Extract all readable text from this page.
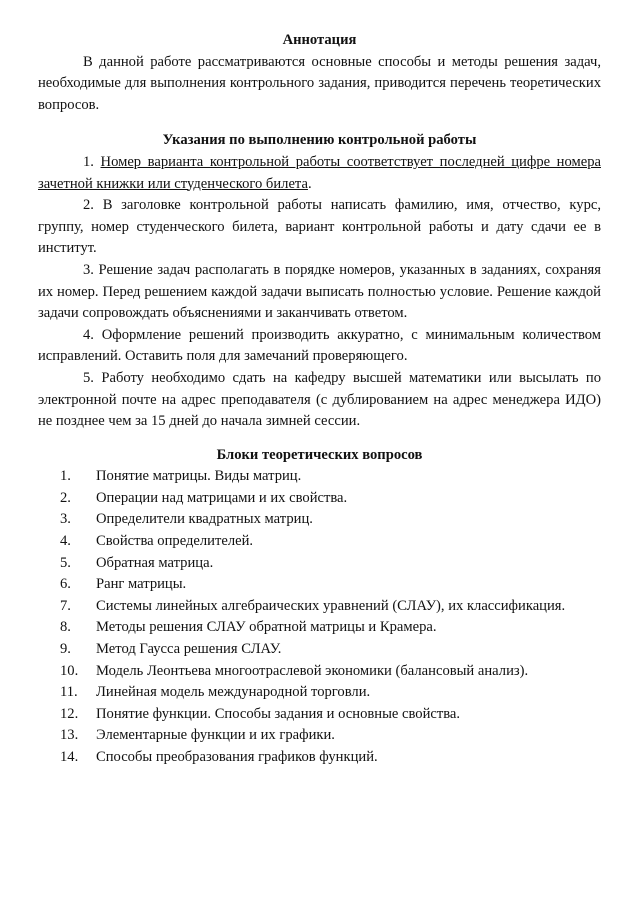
Аннотация

В данной работе рассматриваются основные способы и методы решения задач, необходимые для выполнения контрольного задания, приводится перечень теоретических вопросов.

Указания по выполнению контрольной работы

1. Номер варианта контрольной работы соответствует последней цифре номера зачетной книжки или студенческого билета.

2. В заголовке контрольной работы написать фамилию, имя, отчество, курс, группу, номер студенческого билета, вариант контрольной работы и дату сдачи ее в институт.

3. Решение задач располагать в порядке номеров, указанных в заданиях, сохраняя их номер. Перед решением каждой задачи выписать полностью условие. Решение каждой задачи сопровождать объяснениями и заканчивать ответом.

4. Оформление решений производить аккуратно, с минимальным количеством исправлений. Оставить поля для замечаний проверяющего.

5. Работу необходимо сдать на кафедру высшей математики или высылать по электронной почте на адрес преподавателя (с дублированием на адрес менеджера ИДО) не позднее чем за 15 дней до начала зимней сессии.

Блоки теоретических вопросов
1. Понятие матрицы. Виды матриц.
2. Операции над матрицами и их свойства.
3. Определители квадратных матриц.
4. Свойства определителей.
5. Обратная матрица.
6. Ранг матрицы.
7. Системы линейных алгебраических уравнений (СЛАУ), их классификация.
8. Методы решения СЛАУ обратной матрицы и Крамера.
9. Метод Гаусса решения СЛАУ.
10. Модель Леонтьева многоотраслевой экономики (балансовый анализ).
11. Линейная модель международной торговли.
12. Понятие функции. Способы задания и основные свойства.
13. Элементарные функции и их графики.
14. Способы преобразования графиков функций.
